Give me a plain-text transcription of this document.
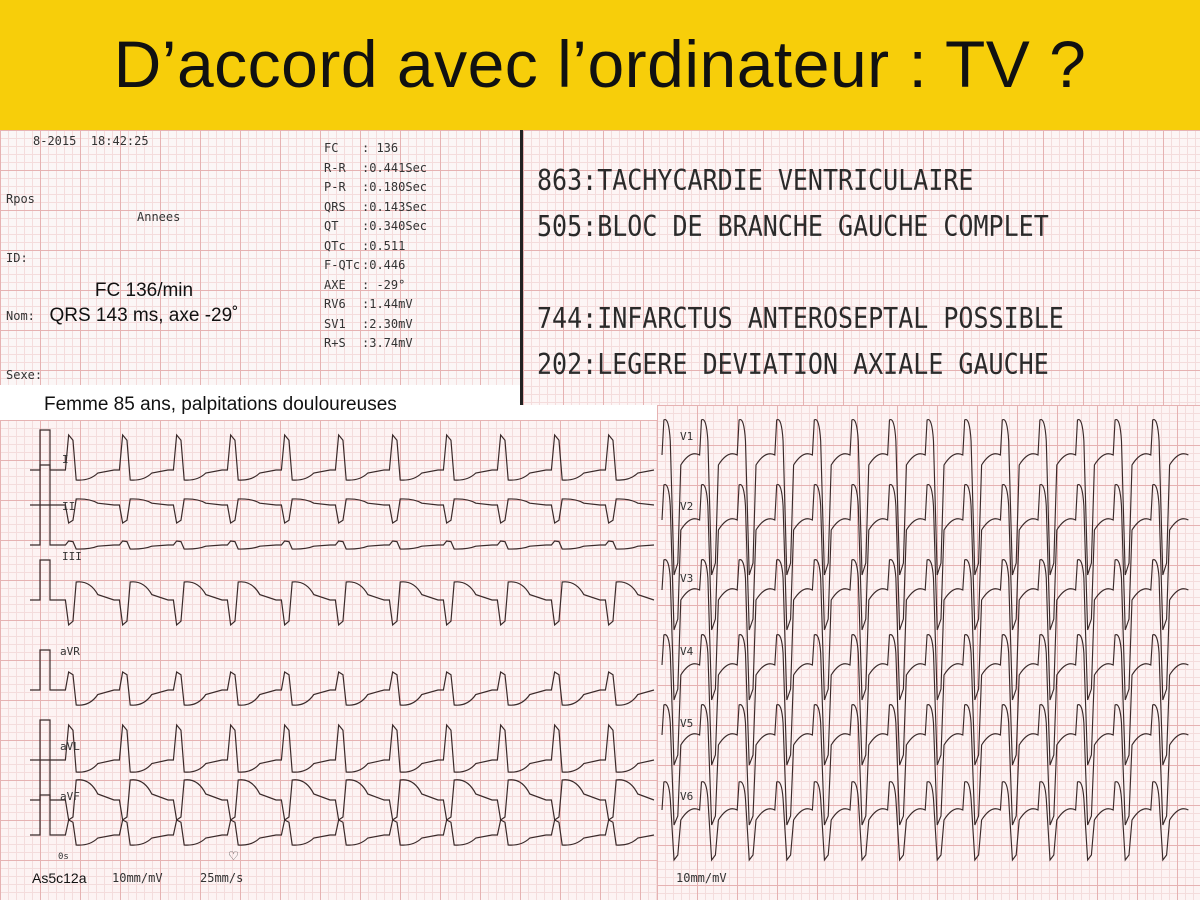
D’accord avec l’ordinateur : TV ?
8-2015  18:42:25

Rpos

ID:

Nom:

Sexe:

Annees
FC : 136
R-R :0.441Sec
P-R :0.180Sec
QRS :0.143Sec
QT :0.340Sec
QTc :0.511
F-QTc :0.446
AXE : -29°
RV6 :1.44mV
SV1 :2.30mV
R+S :3.74mV
FC 136/min
QRS 143 ms, axe -29˚
863:TACHYCARDIE VENTRICULAIRE
505:BLOC DE BRANCHE GAUCHE COMPLET

744:INFARCTUS ANTEROSEPTAL POSSIBLE
202:LEGERE DEVIATION AXIALE GAUCHE
Femme 85 ans, palpitations douloureuses
I
II
III
aVR
aVL
aVF
V1
V2
V3
V4
V5
V6
0s
As5c12a 10mm/mV	25mm/s
♡
10mm/mV
